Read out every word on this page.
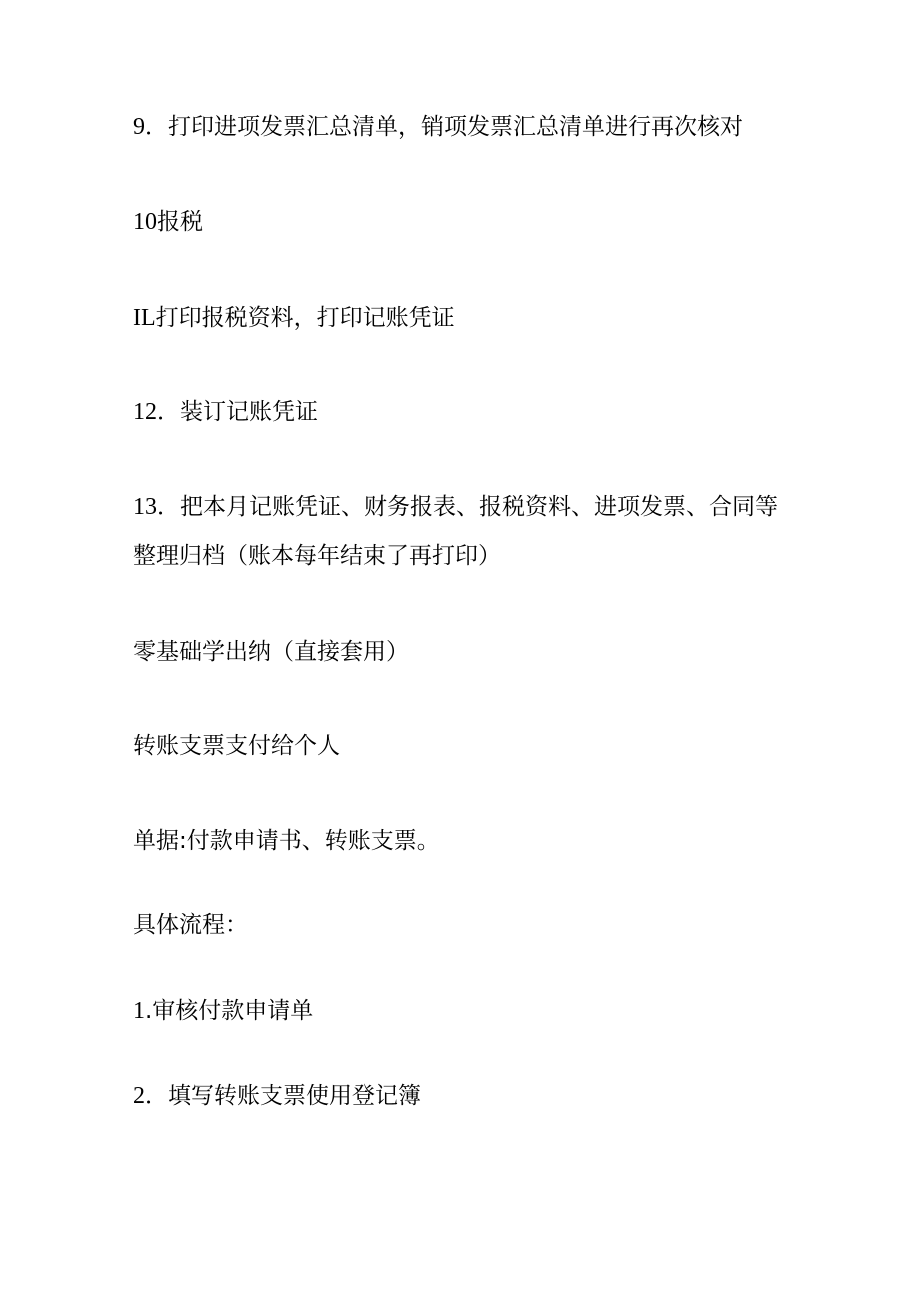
9．打印进项发票汇总清单，销项发票汇总清单进行再次核对
10报税
IL打印报税资料，打印记账凭证
12．装订记账凭证
13．把本月记账凭证、财务报表、报税资料、进项发票、合同等
整理归档（账本每年结束了再打印）
零基础学出纳（直接套用）
转账支票支付给个人
单据:付款申请书、转账支票。
具体流程：
1.审核付款申请单
2．填写转账支票使用登记簿
